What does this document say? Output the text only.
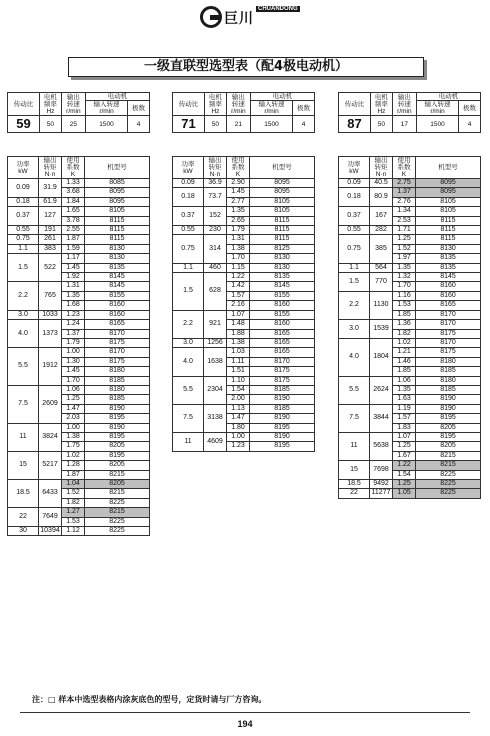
巨川
CHUANDONG
一级直联型选型表（配4极电动机）
传动比	电机
频率
Hz	输出
转速
r/min	电动机	
			输入转速
r/min	极数
59	50	25	1500	4
功率
kW	输出
转矩
N·n	使用
系数
K	机型号
0.09	31.9	1.33	8085
		3.68	8095
0.18	61.9	1.84	8095
0.37	127	1.65	8105
		3.78	8115
0.55	191	2.55	8115
0.75	261	1.87	8115
1.1	383	1.59	8130
1.5	522	1.17	8130
		1.45	8135
		1.92	8145
2.2	765	1.31	8145
		1.35	8155
		1.68	8160
3.0	1033	1.23	8160
4.0	1373	1.24	8165
		1.37	8170
		1.79	8175
5.5	1912	1.00	8170
		1.30	8175
		1.45	8180
		1.70	8185
7.5	2609	1.06	8180
		1.25	8185
		1.47	8190
		2.03	8195
11	3824	1.00	8190
		1.38	8195
		1.75	8205
15	5217	1.02	8195
		1.28	8205
		1.87	8215
18.5	6433	1.04	8205
		1.52	8215
		1.82	8225
22	7649	1.27	8215
		1.53	8225
30	10394	1.12	8225
传动比	电机
频率
Hz	输出
转速
r/min	电动机	
			输入转速
r/min	极数
71	50	21	1500	4
功率
kW	输出
转矩
N·n	使用
系数
K	机型号
0.09	36.9	2.90	8095
0.18	73.7	1.45	8095
		2.77	8105
0.37	152	1.35	8105
		2.65	8115
0.55	230	1.79	8115
0.75	314	1.31	8115
		1.38	8125
		1.70	8130
1.1	460	1.15	8130
1.5	628	1.22	8135
		1.42	8145
		1.57	8155
		2.16	8160
2.2	921	1.07	8155
		1.48	8160
		1.88	8165
3.0	1256	1.38	8165
4.0	1638	1.03	8165
		1.11	8170
		1.51	8175
5.5	2304	1.10	8175
		1.54	8185
		2.00	8190
7.5	3138	1.13	8185
		1.47	8190
		1.80	8195
11	4609	1.00	8190
		1.23	8195
传动比	电机
频率
Hz	输出
转速
r/min	电动机	
			输入转速
r/min	极数
87	50	17	1500	4
功率
kW	输出
转矩
N·n	使用
系数
K	机型号
0.09	40.5	2.75	8095
0.18	80.9	1.37	8095
		2.76	8105
0.37	167	1.34	8105
		2.53	8115
0.55	282	1.71	8115
0.75	385	1.25	8115
		1.52	8130
		1.97	8135
1.1	564	1.35	8135
1.5	770	1.32	8145
		1.70	8160
2.2	1130	1.16	8160
		1.53	8165
		1.85	8170
3.0	1539	1.36	8170
		1.82	8175
4.0	1804	1.02	8170
		1.21	8175
		1.46	8180
		1.85	8185
5.5	2624	1.06	8180
		1.35	8185
		1.63	8190
7.5	3844	1.19	8190
		1.57	8195
		1.83	8205
11	5638	1.07	8195
		1.25	8205
		1.67	8215
15	7698	1.22	8215
		1.54	8225
18.5	9492	1.25	8225
22	11277	1.05	8225
注：□ 样本中选型表格内涂灰底色的型号，定货时请与厂方咨询。
194
